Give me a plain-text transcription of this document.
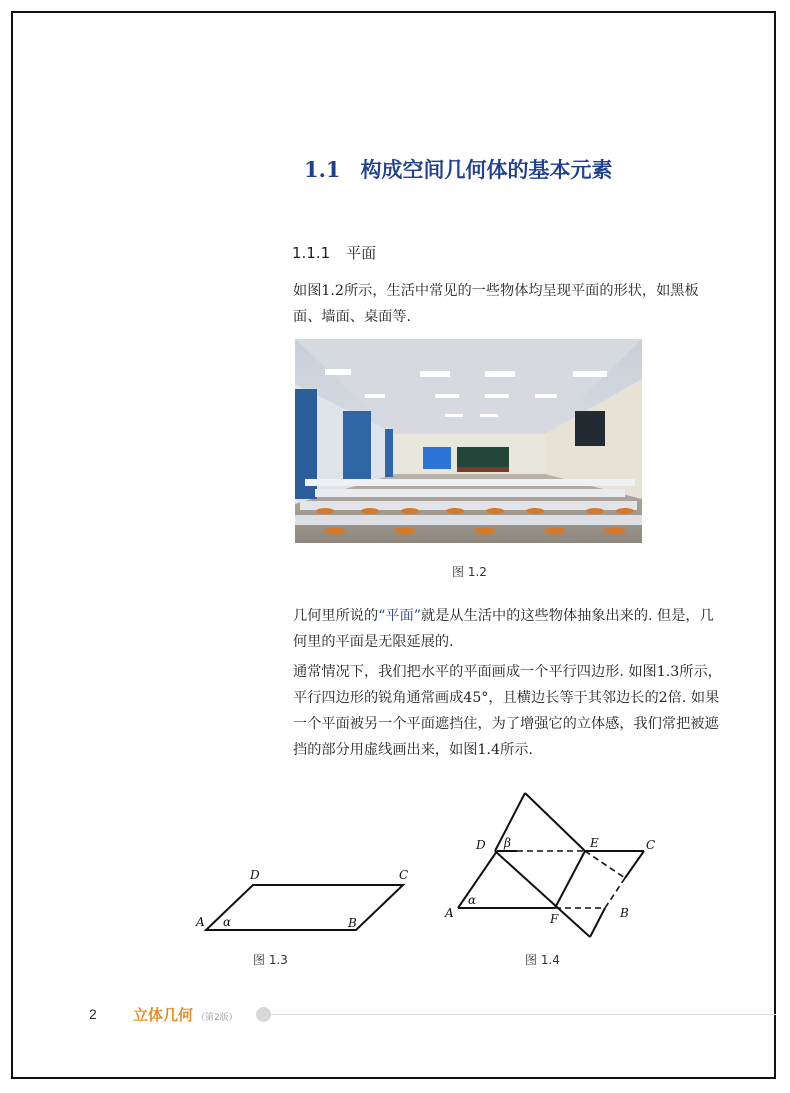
1.1 构成空间几何体的基本元素
1.1.1 平面
如图1.2所示，生活中常见的一些物体均呈现平面的形状，如黑板面、墙面、桌面等.
图 1.2
几何里所说的“平面”就是从生活中的这些物体抽象出来的. 但是，几何里的平面是无限延展的.
通常情况下，我们把水平的平面画成一个平行四边形. 如图1.3所示，平行四边形的锐角通常画成45°，且横边长等于其邻边长的2倍. 如果一个平面被另一个平面遮挡住，为了增强它的立体感，我们常把被遮挡的部分用虚线画出来，如图1.4所示.
A	B
C
D
α
图 1.3
D β	E	C
α
A	F	B
图 1.4
2 立体几何 （第2版）
